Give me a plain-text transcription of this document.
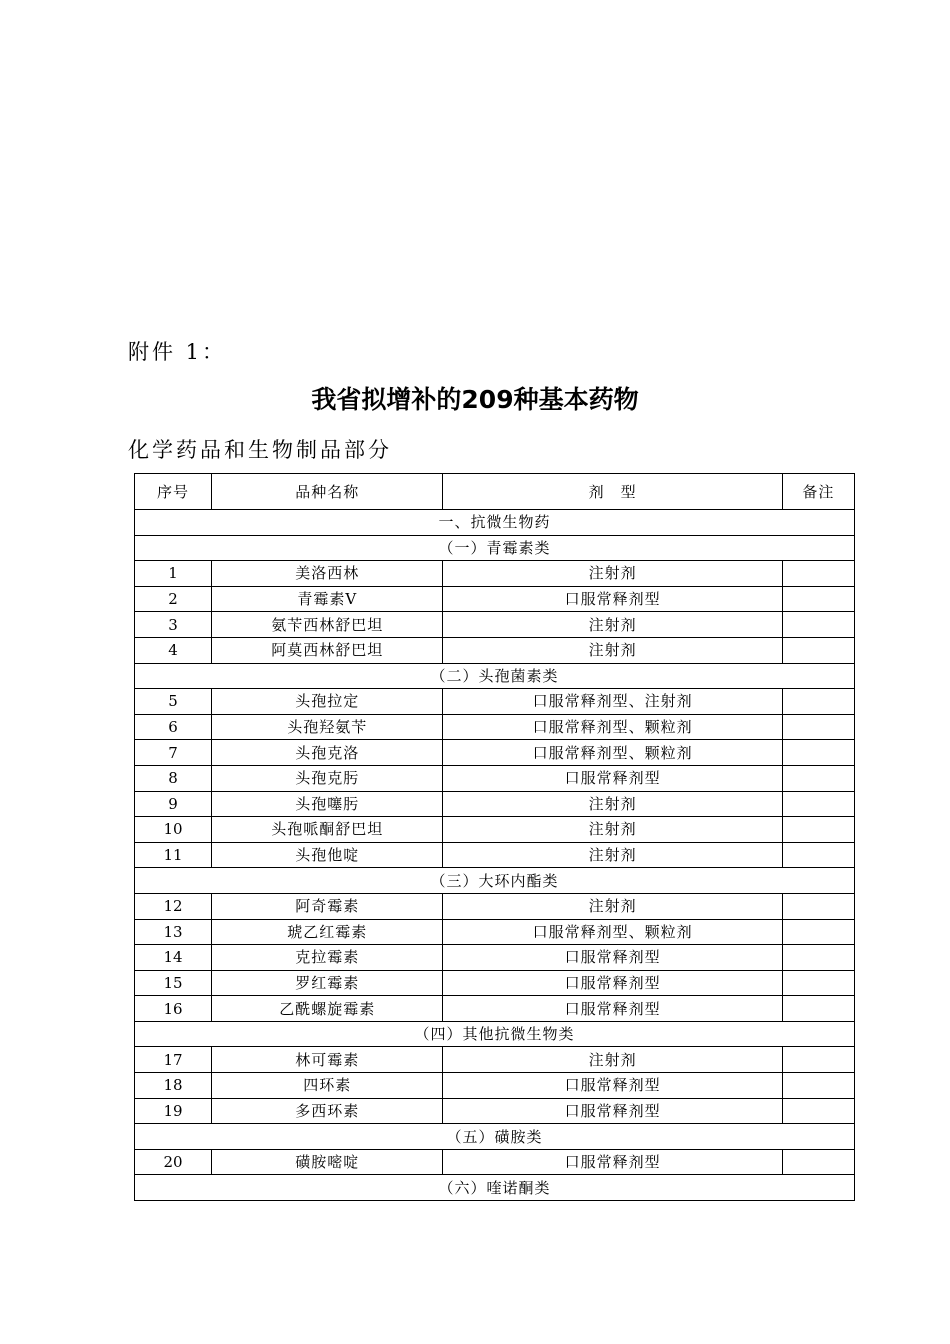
附件 1：
我省拟增补的209种基本药物
化学药品和生物制品部分
序号	品种名称	剂　型	备注
一、抗微生物药			
（一）青霉素类			
1	美洛西林	注射剂	
2	青霉素V	口服常释剂型	
3	氨苄西林舒巴坦	注射剂	
4	阿莫西林舒巴坦	注射剂	
（二）头孢菌素类			
5	头孢拉定	口服常释剂型、注射剂	
6	头孢羟氨苄	口服常释剂型、颗粒剂	
7	头孢克洛	口服常释剂型、颗粒剂	
8	头孢克肟	口服常释剂型	
9	头孢噻肟	注射剂	
10	头孢哌酮舒巴坦	注射剂	
11	头孢他啶	注射剂	
（三）大环内酯类			
12	阿奇霉素	注射剂	
13	琥乙红霉素	口服常释剂型、颗粒剂	
14	克拉霉素	口服常释剂型	
15	罗红霉素	口服常释剂型	
16	乙酰螺旋霉素	口服常释剂型	
（四）其他抗微生物类			
17	林可霉素	注射剂	
18	四环素	口服常释剂型	
19	多西环素	口服常释剂型	
（五）磺胺类			
20	磺胺嘧啶	口服常释剂型	
（六）喹诺酮类			
